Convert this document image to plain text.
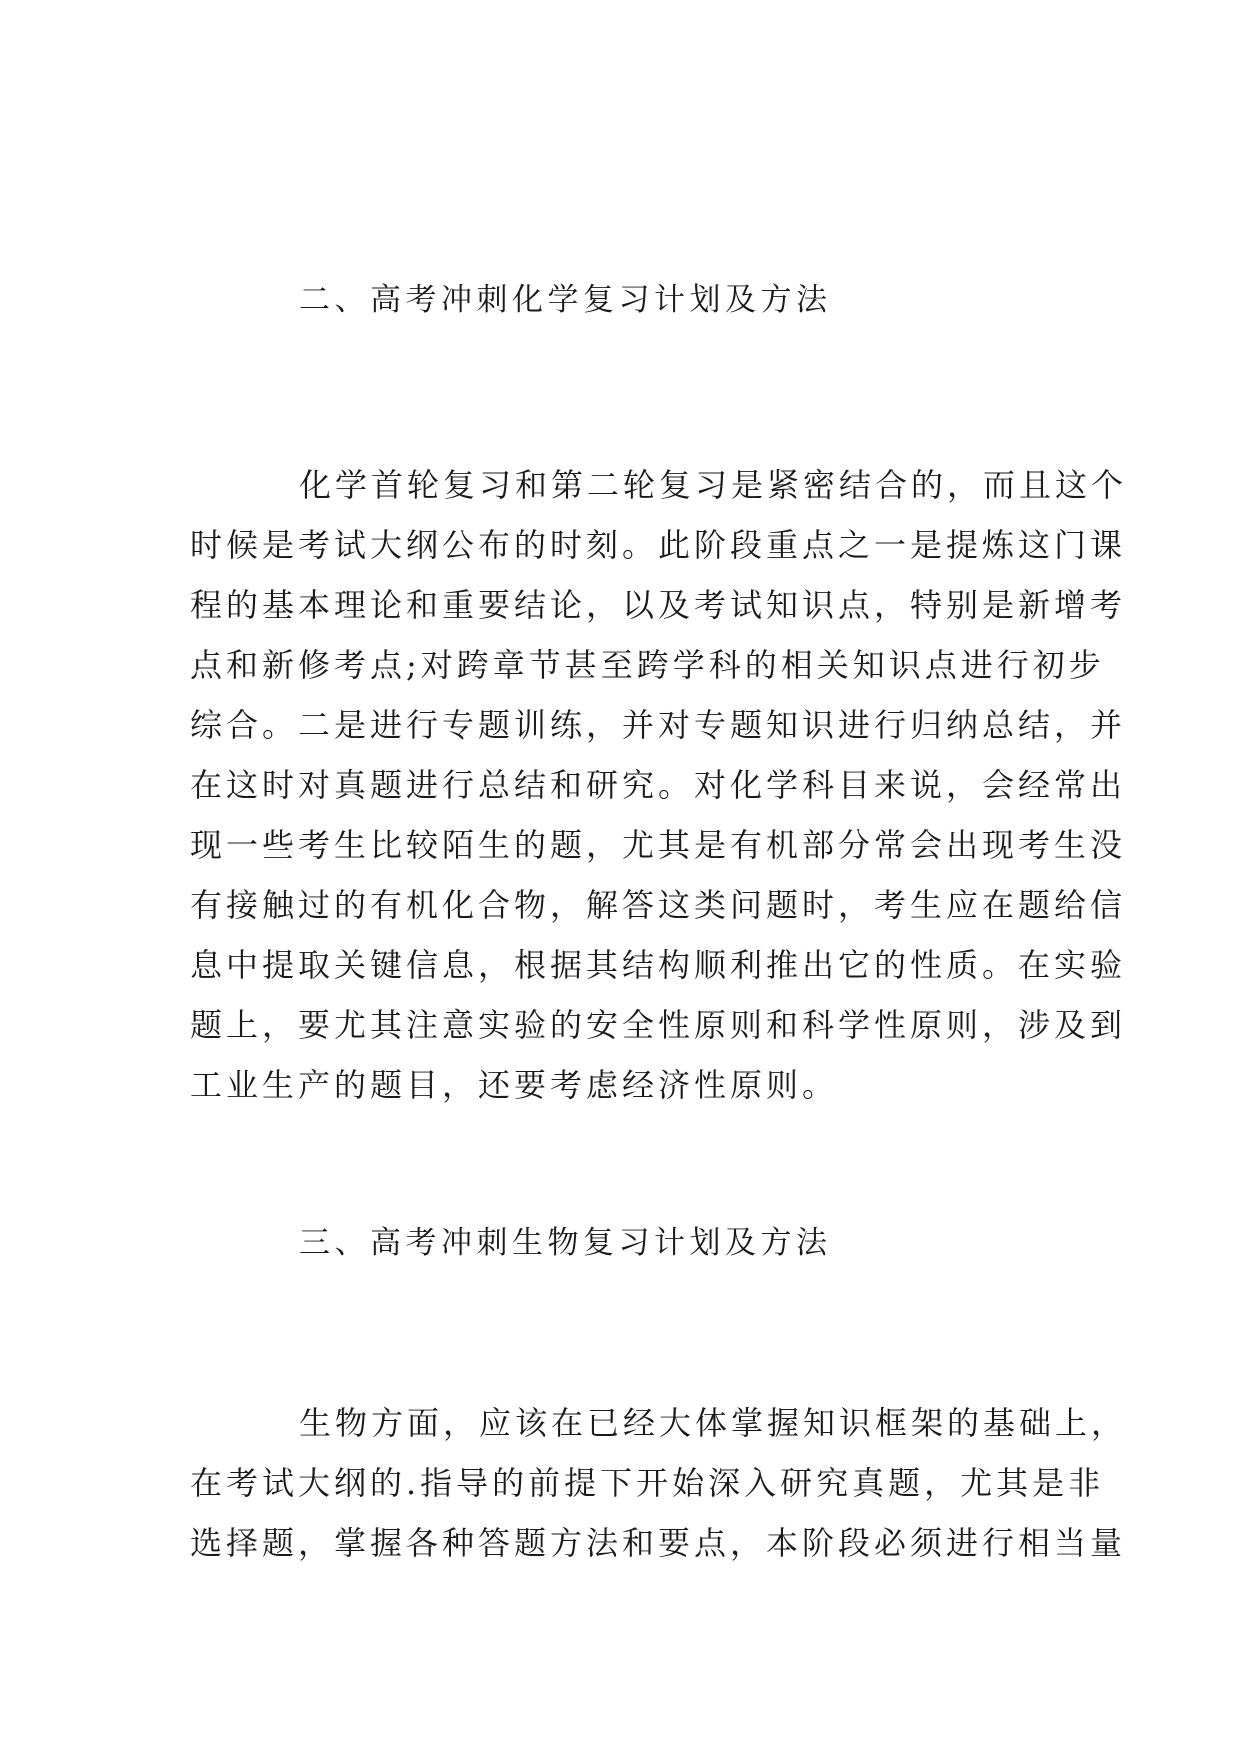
二、高考冲刺化学复习计划及方法
化学首轮复习和第二轮复习是紧密结合的，而且这个
时候是考试大纲公布的时刻。此阶段重点之一是提炼这门课
程的基本理论和重要结论，以及考试知识点，特别是新增考
点和新修考点;对跨章节甚至跨学科的相关知识点进行初步
综合。二是进行专题训练，并对专题知识进行归纳总结，并
在这时对真题进行总结和研究。对化学科目来说，会经常出
现一些考生比较陌生的题，尤其是有机部分常会出现考生没
有接触过的有机化合物，解答这类问题时，考生应在题给信
息中提取关键信息，根据其结构顺利推出它的性质。在实验
题上，要尤其注意实验的安全性原则和科学性原则，涉及到
工业生产的题目，还要考虑经济性原则。
三、高考冲刺生物复习计划及方法
生物方面，应该在已经大体掌握知识框架的基础上，
在考试大纲的.指导的前提下开始深入研究真题，尤其是非
选择题，掌握各种答题方法和要点，本阶段必须进行相当量
